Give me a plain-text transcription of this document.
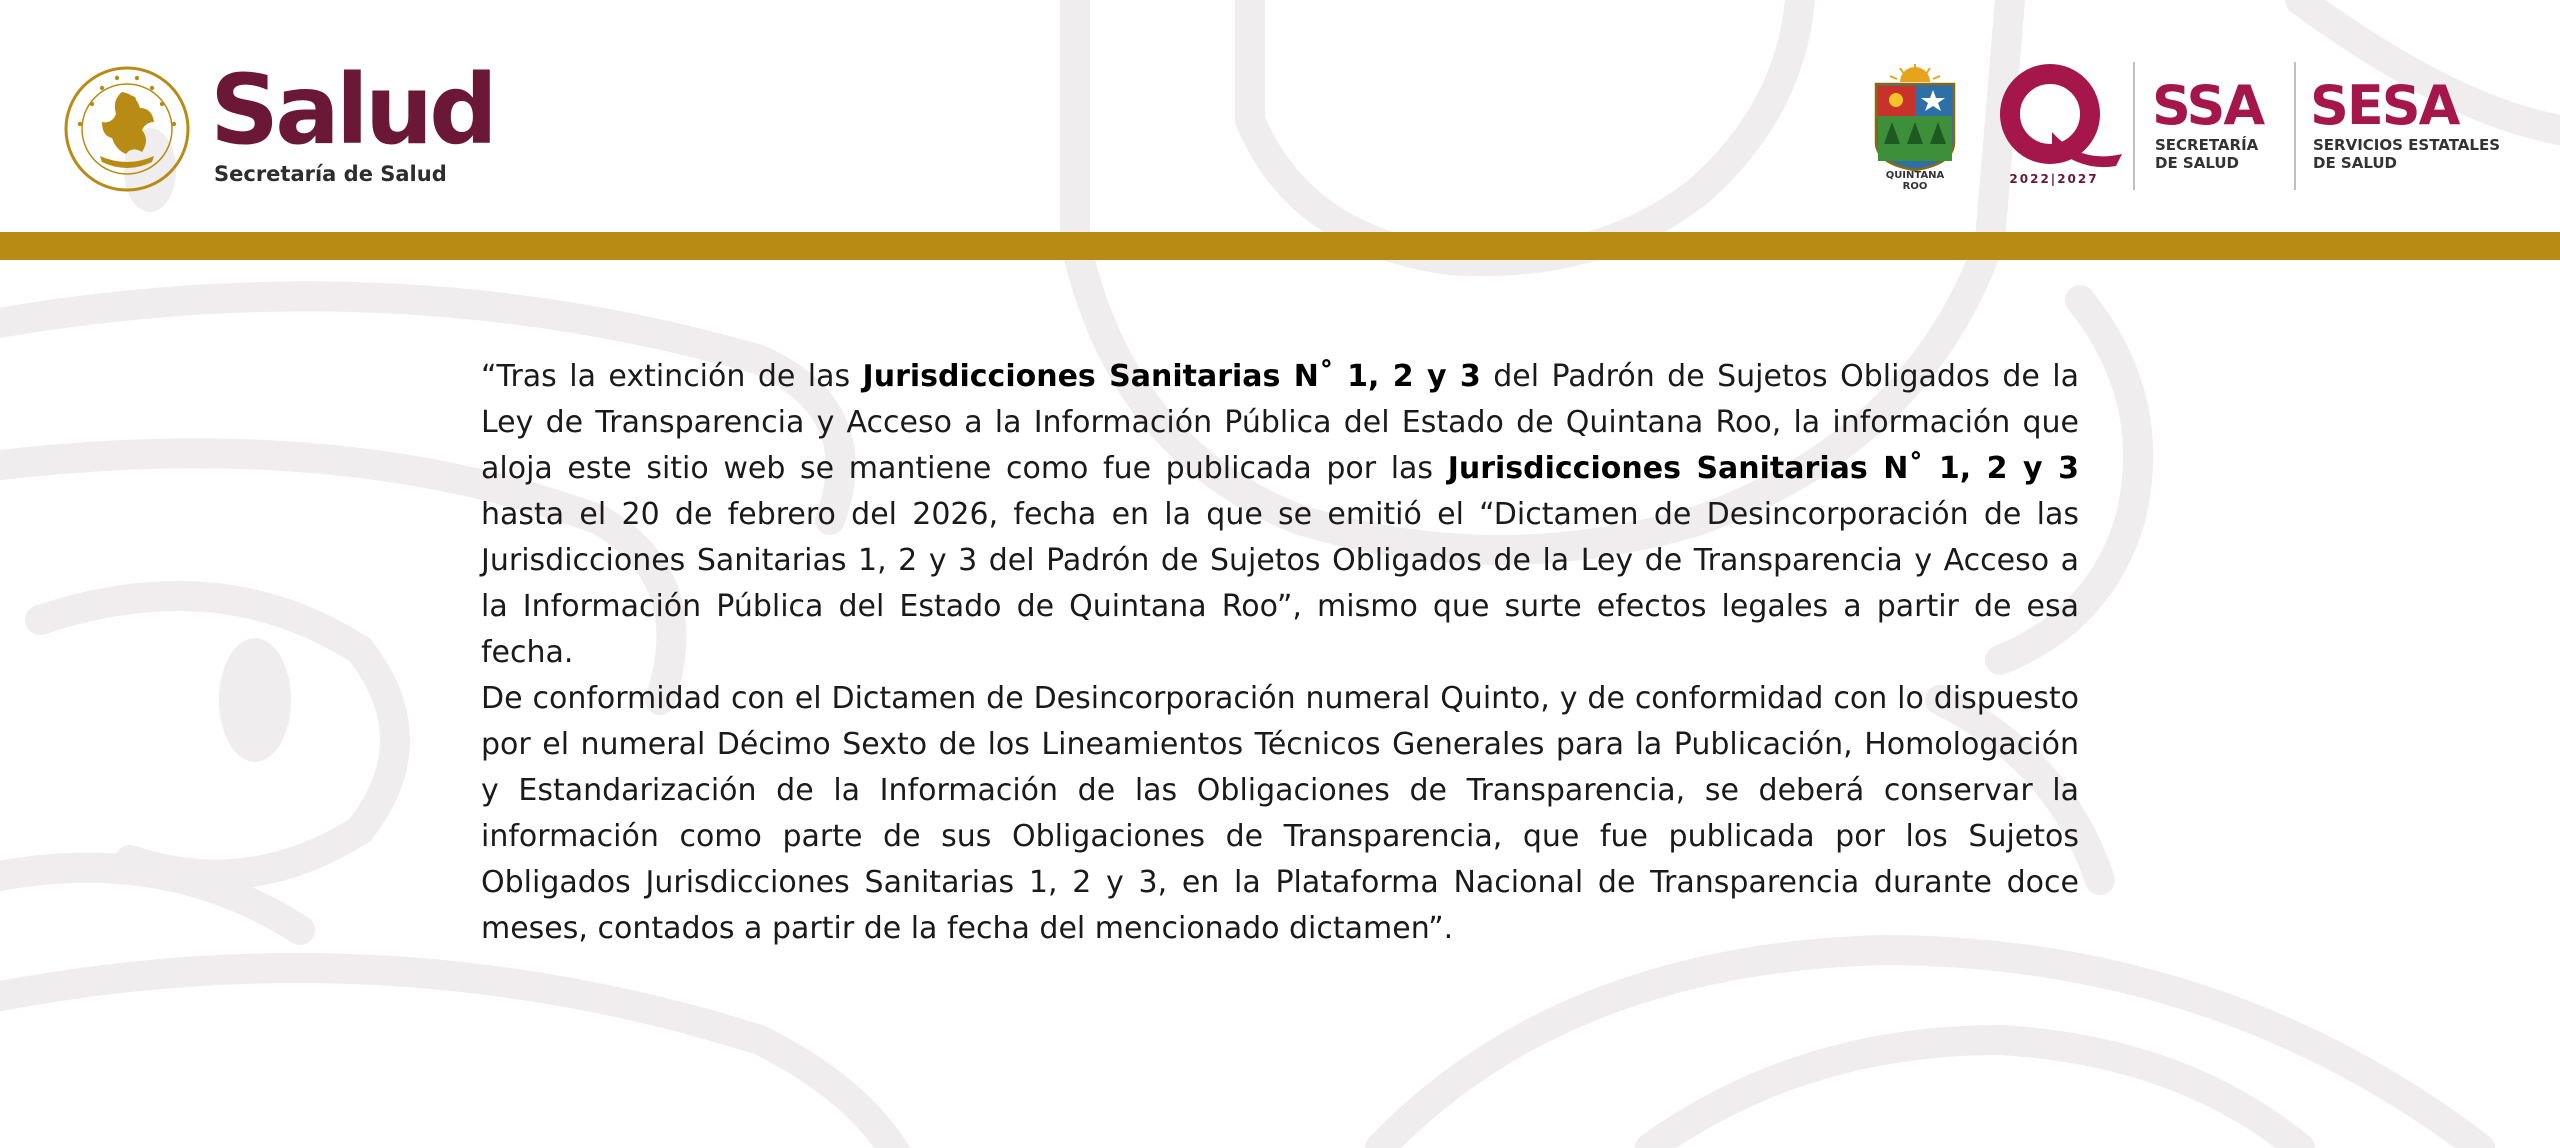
Salud
Secretaría de Salud	QUINTANA ROO
2022|2027
SSA
SECRETARÍA
DE SALUD
SESA
SERVICIOS ESTATALES
DE SALUD

“Tras la extinción de las Jurisdicciones Sanitarias N˚ 1, 2 y 3 del Padrón de Sujetos Obligados de la Ley de Transparencia y Acceso a la Información Pública del Estado de Quintana Roo, la información que aloja este sitio web se mantiene como fue publicada por las Jurisdicciones Sanitarias N˚ 1, 2 y 3 hasta el 20 de febrero del 2026, fecha en la que se emitió el “Dictamen de Desincorporación de las Jurisdicciones Sanitarias 1, 2 y 3 del Padrón de Sujetos Obligados de la Ley de Transparencia y Acceso a la Información Pública del Estado de Quintana Roo”, mismo que surte efectos legales a partir de esa fecha.

De conformidad con el Dictamen de Desincorporación numeral Quinto, y de conformidad con lo dispuesto por el numeral Décimo Sexto de los Lineamientos Técnicos Generales para la Publicación, Homologación y Estandarización de la Información de las Obligaciones de Transparencia, se deberá conservar la información como parte de sus Obligaciones de Transparencia, que fue publicada por los Sujetos Obligados Jurisdicciones Sanitarias 1, 2 y 3, en la Plataforma Nacional de Transparencia durante doce meses, contados a partir de la fecha del mencionado dictamen”.
